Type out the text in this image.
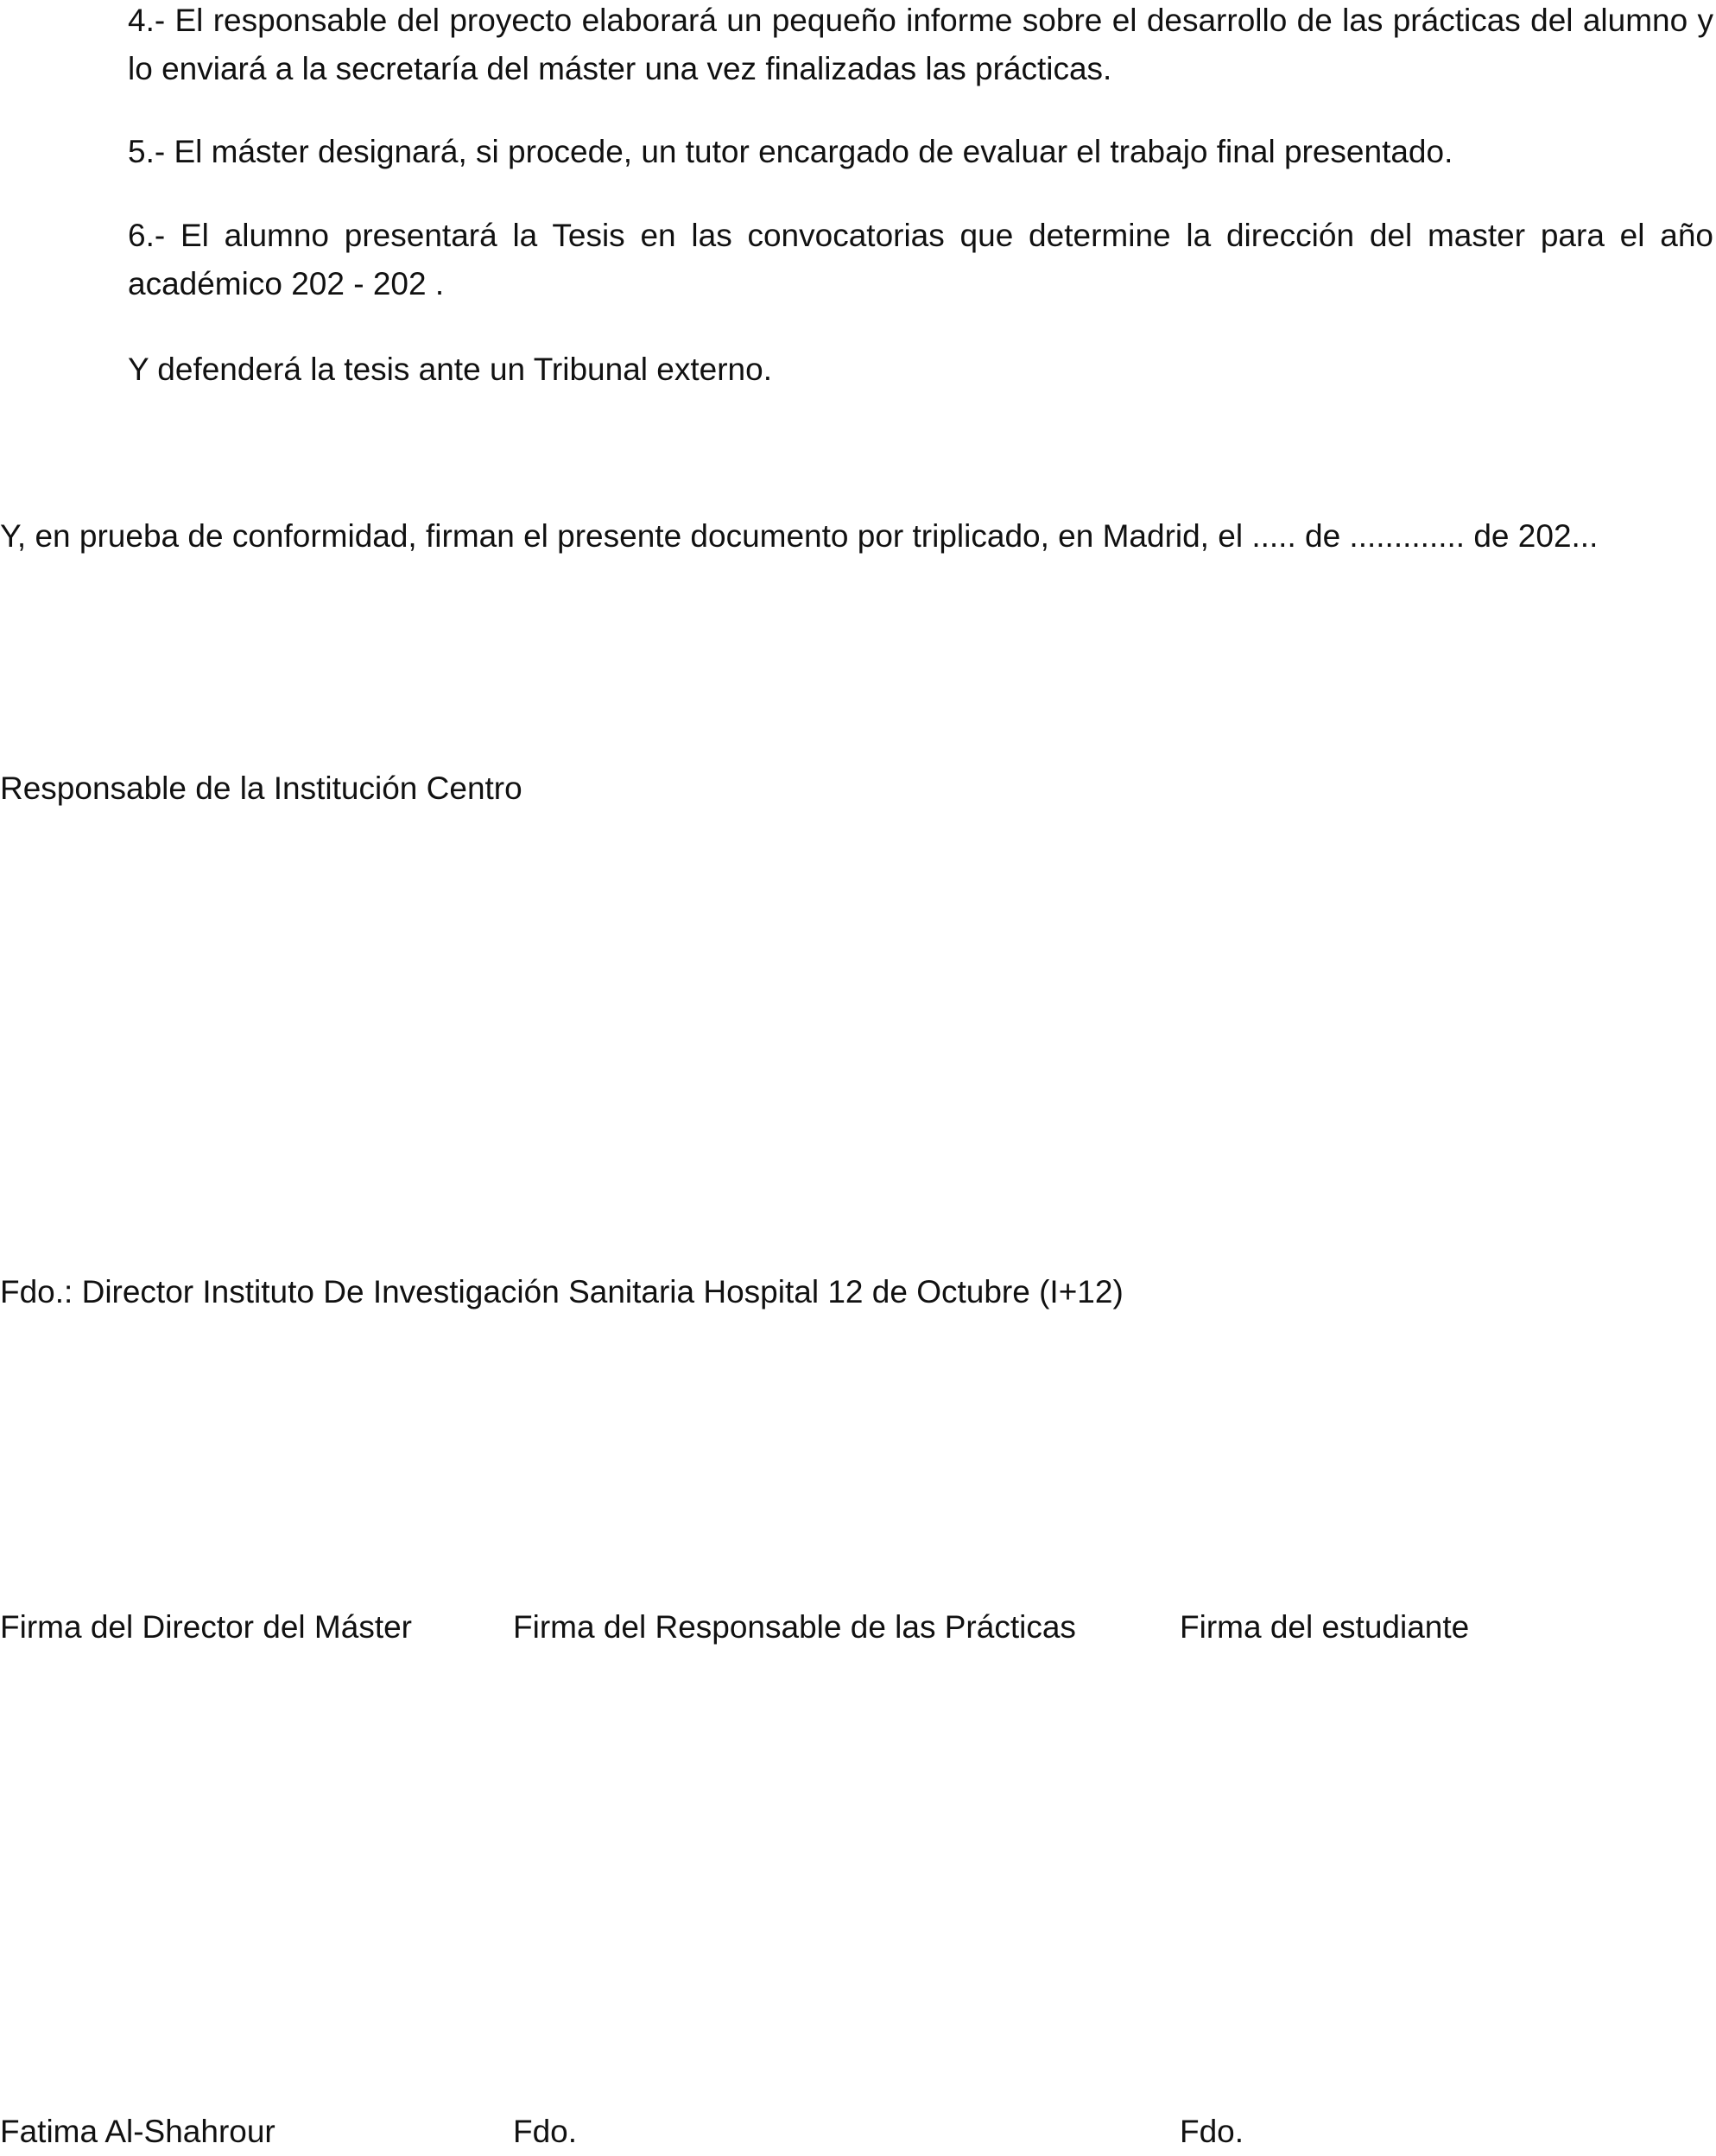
4.- El responsable del proyecto elaborará un pequeño informe sobre el desarrollo de las prácticas del alumno y lo enviará a la secretaría del máster una vez finalizadas las prácticas.

5.- El máster designará, si procede, un tutor encargado de evaluar el trabajo final presentado.

6.- El alumno presentará la Tesis en las convocatorias que determine la dirección del master para el año académico 202 - 202 .

Y defenderá la tesis ante un Tribunal externo.

Y, en prueba de conformidad, firman el presente documento por triplicado, en Madrid, el ..... de ............. de 202...

Responsable de la Institución Centro

Fdo.: Director Instituto De Investigación Sanitaria Hospital 12 de Octubre (I+12)

Firma del Director del Máster	Firma del Responsable de las Prácticas	Firma del estudiante
Fatima Al-Shahrour	Fdo.	Fdo.
